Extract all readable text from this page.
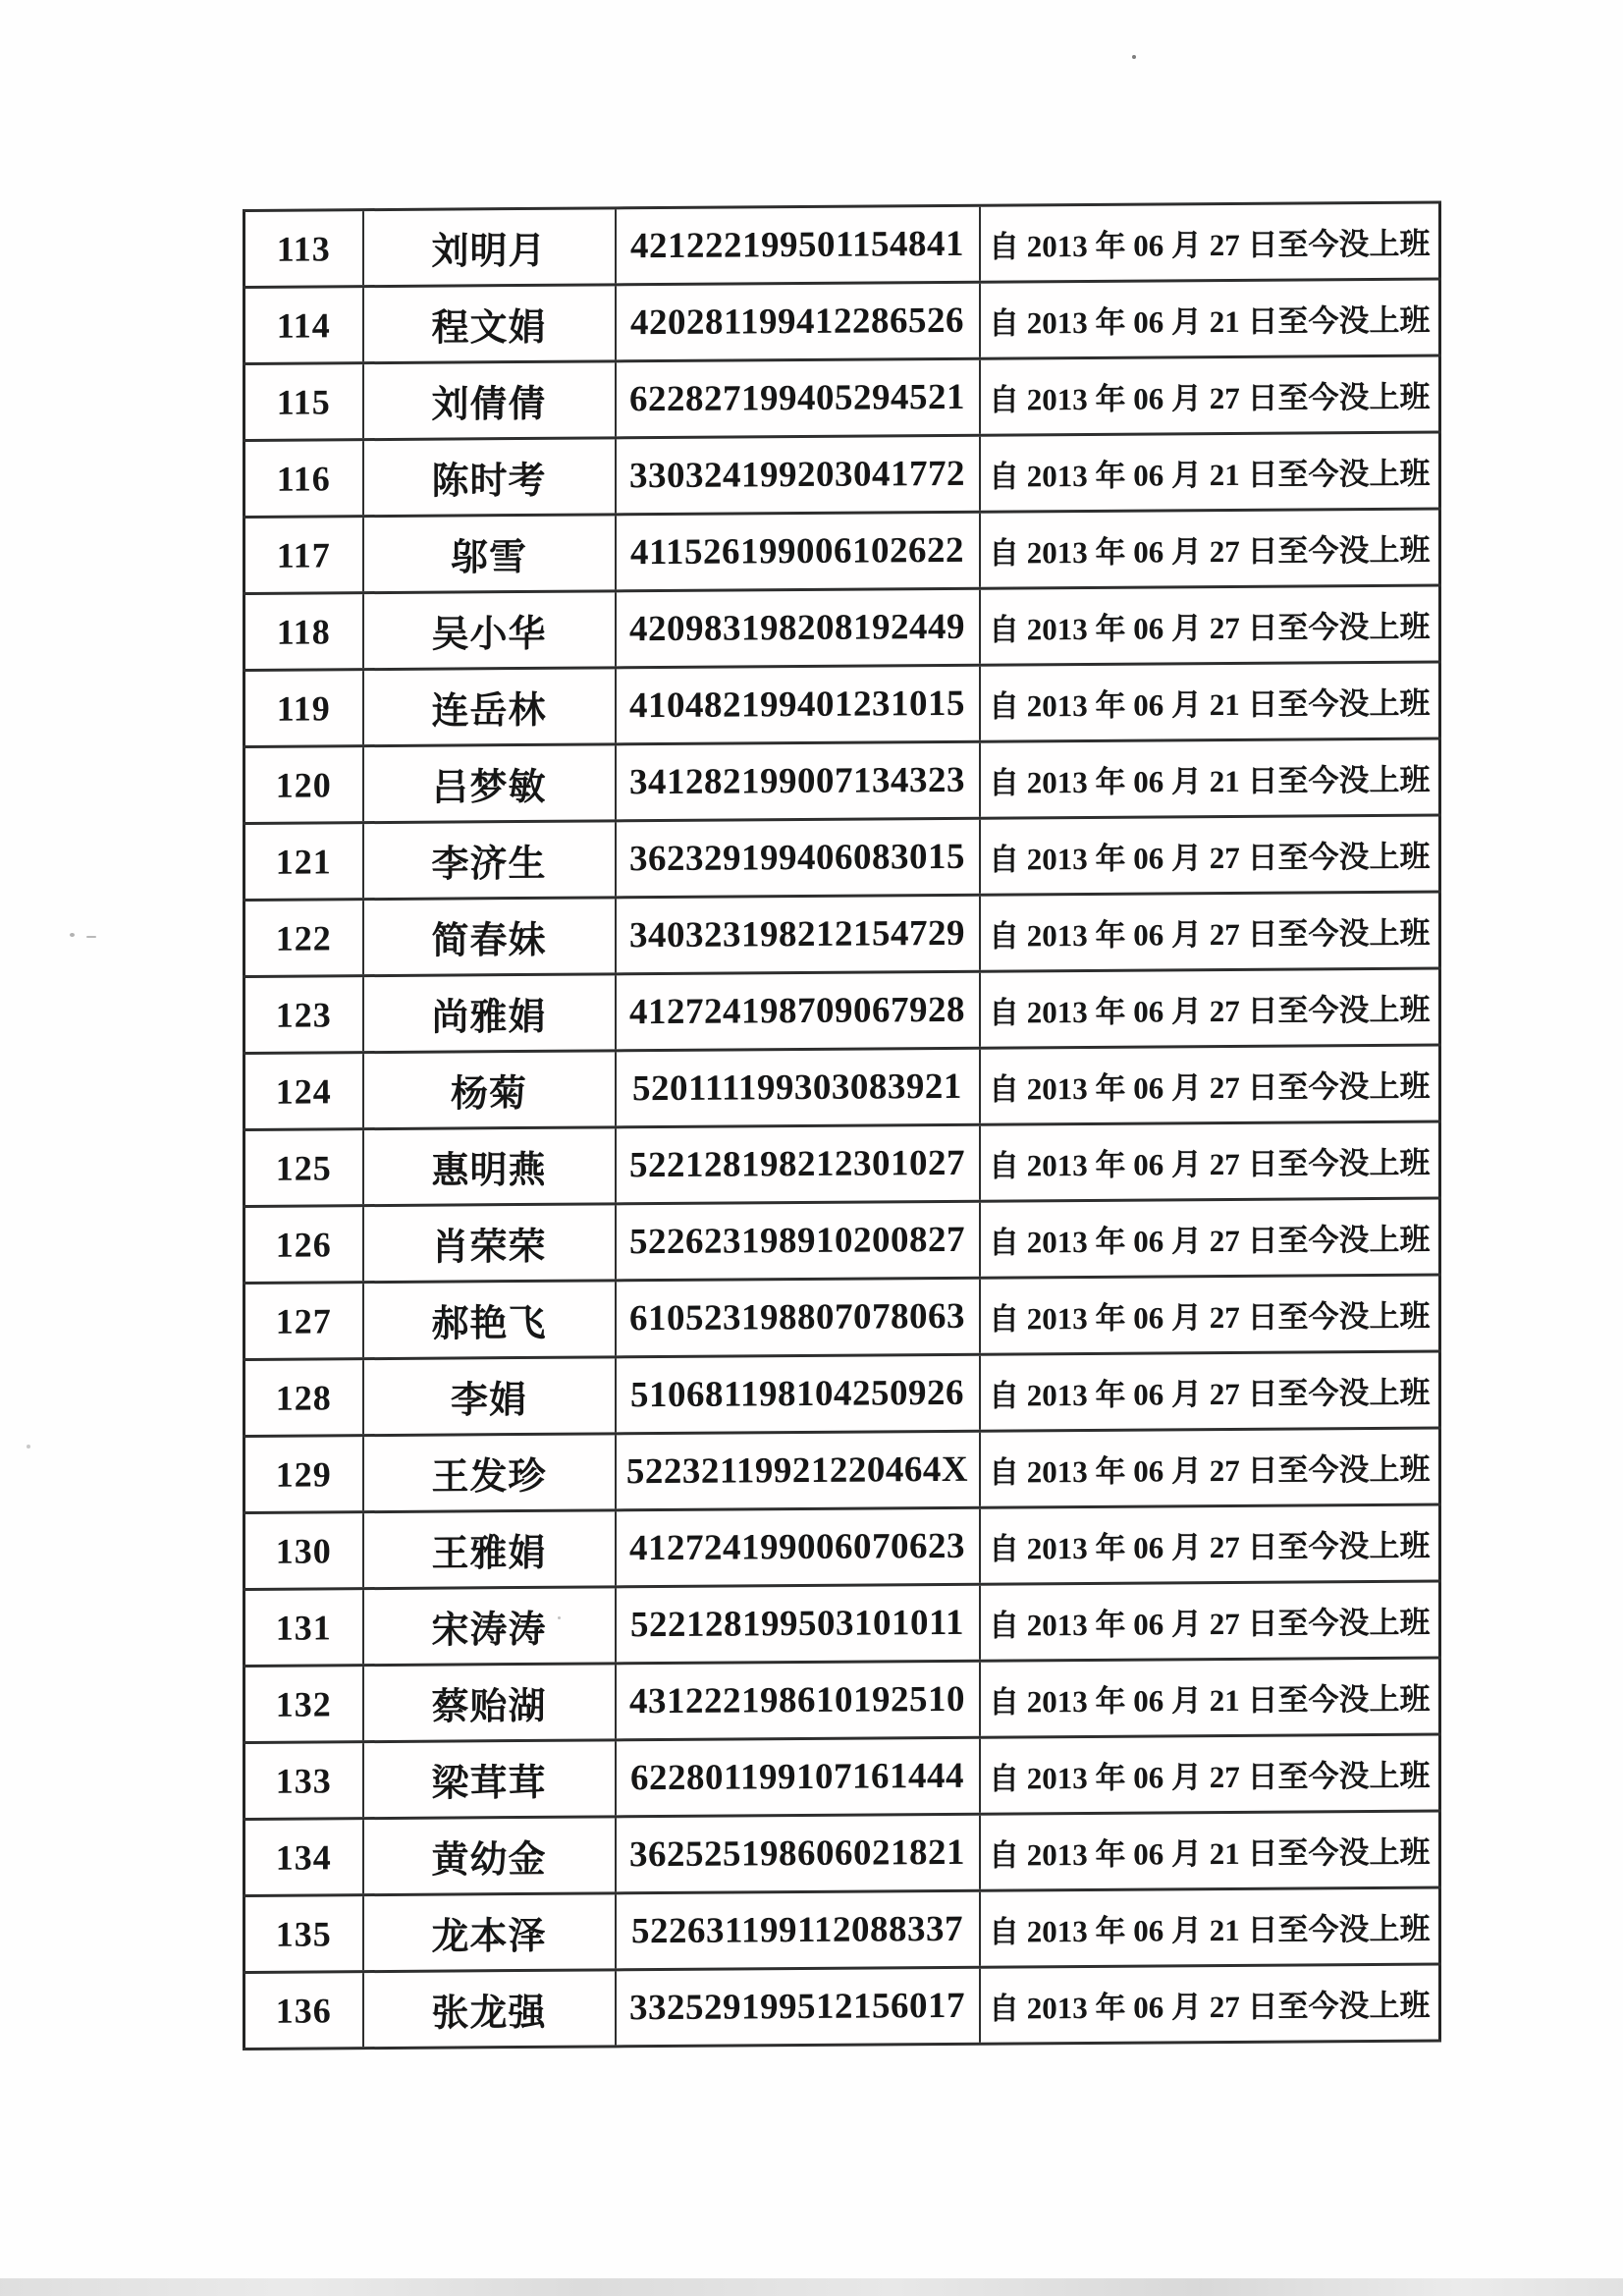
113	刘明月	421222199501154841	自 2013 年 06 月 27 日至今没上班
114	程文娟	420281199412286526	自 2013 年 06 月 21 日至今没上班
115	刘倩倩	622827199405294521	自 2013 年 06 月 27 日至今没上班
116	陈时考	330324199203041772	自 2013 年 06 月 21 日至今没上班
117	邬雪	411526199006102622	自 2013 年 06 月 27 日至今没上班
118	吴小华	420983198208192449	自 2013 年 06 月 27 日至今没上班
119	连岳林	410482199401231015	自 2013 年 06 月 21 日至今没上班
120	吕梦敏	341282199007134323	自 2013 年 06 月 21 日至今没上班
121	李济生	362329199406083015	自 2013 年 06 月 27 日至今没上班
122	简春妹	340323198212154729	自 2013 年 06 月 27 日至今没上班
123	尚雅娟	412724198709067928	自 2013 年 06 月 27 日至今没上班
124	杨菊	520111199303083921	自 2013 年 06 月 27 日至今没上班
125	惠明燕	522128198212301027	自 2013 年 06 月 27 日至今没上班
126	肖荣荣	522623198910200827	自 2013 年 06 月 27 日至今没上班
127	郝艳飞	610523198807078063	自 2013 年 06 月 27 日至今没上班
128	李娟	510681198104250926	自 2013 年 06 月 27 日至今没上班
129	王发珍	52232119921220464X	自 2013 年 06 月 27 日至今没上班
130	王雅娟	412724199006070623	自 2013 年 06 月 27 日至今没上班
131	宋涛涛	522128199503101011	自 2013 年 06 月 27 日至今没上班
132	蔡贻湖	431222198610192510	自 2013 年 06 月 21 日至今没上班
133	梁茸茸	622801199107161444	自 2013 年 06 月 27 日至今没上班
134	黄幼金	362525198606021821	自 2013 年 06 月 21 日至今没上班
135	龙本泽	522631199112088337	自 2013 年 06 月 21 日至今没上班
136	张龙强	332529199512156017	自 2013 年 06 月 27 日至今没上班
